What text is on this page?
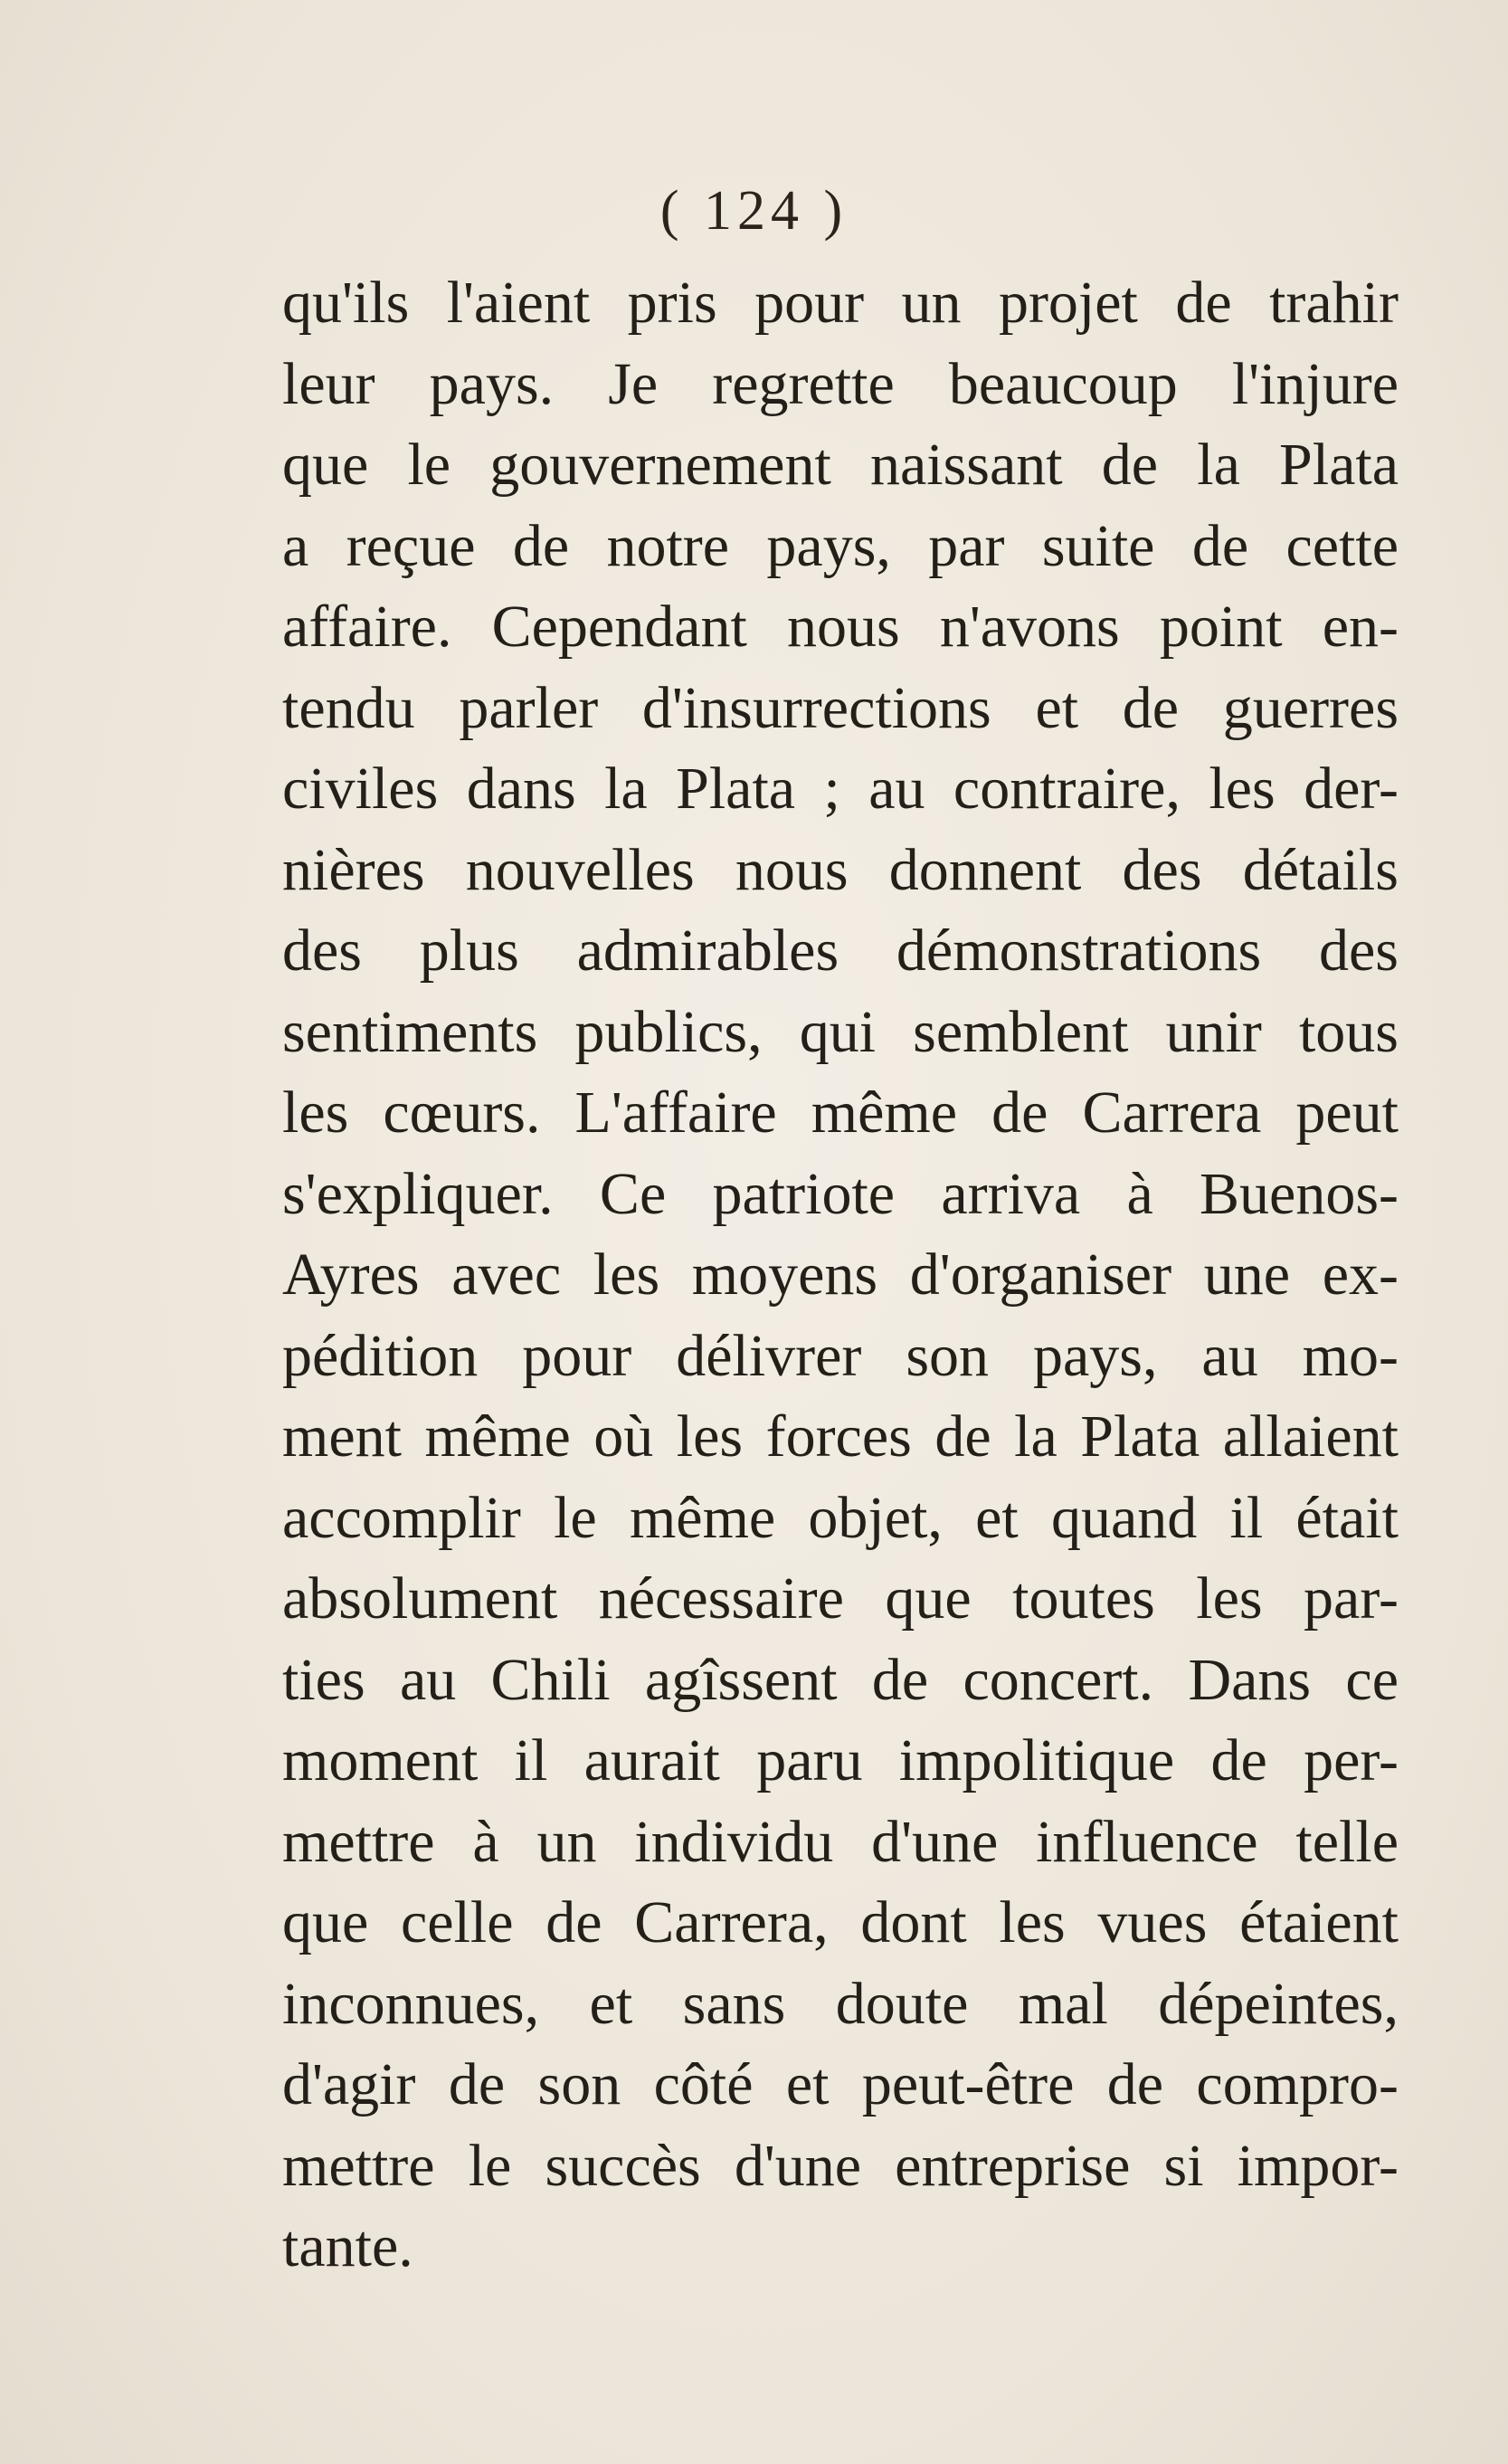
( 124 )
qu'ils l'aient pris pour un projet de trahir
leur pays. Je regrette beaucoup l'injure
que le gouvernement naissant de la Plata
a reçue de notre pays, par suite de cette
affaire. Cependant nous n'avons point en-
tendu parler d'insurrections et de guerres
civiles dans la Plata ; au contraire, les der-
nières nouvelles nous donnent des détails
des plus admirables démonstrations des
sentiments publics, qui semblent unir tous
les cœurs. L'affaire même de Carrera peut
s'expliquer. Ce patriote arriva à Buenos-
Ayres avec les moyens d'organiser une ex-
pédition pour délivrer son pays, au mo-
ment même où les forces de la Plata allaient
accomplir le même objet, et quand il était
absolument nécessaire que toutes les par-
ties au Chili agîssent de concert. Dans ce
moment il aurait paru impolitique de per-
mettre à un individu d'une influence telle
que celle de Carrera, dont les vues étaient
inconnues, et sans doute mal dépeintes,
d'agir de son côté et peut-être de compro-
mettre le succès d'une entreprise si impor-
tante.
